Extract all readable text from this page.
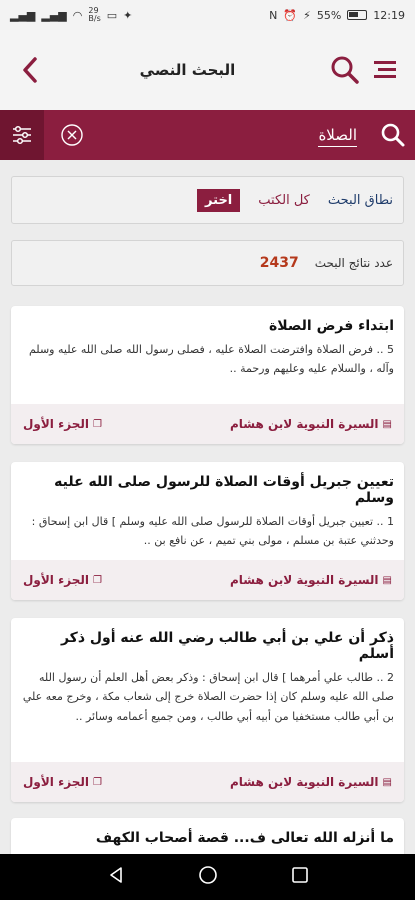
▂▄▆ ▂▄▆ ◠ 29
B/s ▭ ✦	N ⏰ ⚡ 55%	12:19
البحث النصي
الصلاة
نطاق البحث
كل الكتب
اختر
عدد نتائج البحث
2437
ابتداء فرض الصلاة
5 .. فرض الصلاة وافترضت الصلاة عليه ، فصلى رسول الله صلى الله عليه وسلم وآله ، والسلام عليه وعليهم ورحمة ..
▤
السيرة النبوية لابن هشام
❐
الجزء الأول
تعيين جبريل أوقات الصلاة للرسول صلى الله عليه وسلم
1 .. تعيين جبريل أوقات الصلاة للرسول صلى الله عليه وسلم ] قال ابن إسحاق : وحدثني عتبة بن مسلم ، مولى بني تميم ، عن نافع بن ..
▤
السيرة النبوية لابن هشام
❐
الجزء الأول
ذكر أن علي بن أبي طالب رضي الله عنه أول ذكر أسلم
2 .. طالب علي أمرهما ] قال ابن إسحاق : وذكر بعض أهل العلم أن رسول الله صلى الله عليه وسلم كان إذا حضرت الصلاة خرج إلى شعاب مكة ، وخرج معه علي بن أبي طالب مستخفيا من أبيه أبي طالب ، ومن جميع أعمامه وسائر ..
▤
السيرة النبوية لابن هشام
❐
الجزء الأول
ما أنزله الله تعالى ف... قصة أصحاب الكهف
